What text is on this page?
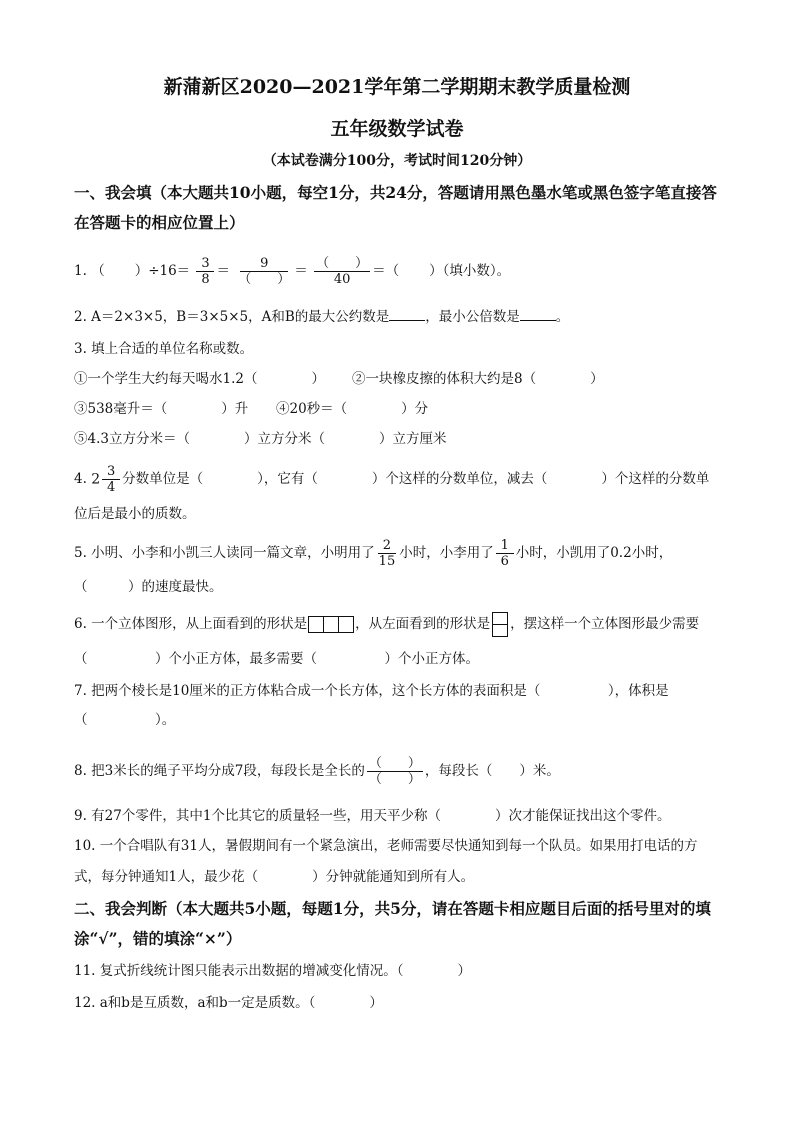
新蒲新区2020—2021学年第二学期期末教学质量检测
五年级数学试卷
（本试卷满分100分，考试时间120分钟）
一、我会填（本大题共10小题，每空1分，共24分，答题请用黑色墨水笔或黑色签字笔直接答在答题卡的相应位置上）
1. （ ）$\div 16= \frac{3}{8} = \frac{9}{( )} = \frac{( )}{40}$ ＝（ ）（填小数）。
2. A＝2×3×5，B＝3×5×5，A和B的最大公约数是	，最小公倍数是	。
3. 填上合适的单位名称或数。
①一个学生大约每天喝水1.2（　　　　） ②一块橡皮擦的体积大约是8（　　　　）
③538毫升＝（　　　　）升 ④20秒＝（　　　　）分
⑤4.3立方分米＝（　　　　）立方分米（　　　　）立方厘米
4. $2 \frac{3}{4}$ 分数单位是（　　　　），它有（　　　　）个这样的分数单位，减去（　　　　）个这样的分数单
位后是最小的质数。
5. 小明、小李和小凯三人读同一篇文章，小明用了 $\frac{2}{15}$ 小时，小李用了 $\frac{1}{6}$ 小时，小凯用了0.2小时，
（　　　）的速度最快。
6. 一个立体图形，从上面看到的形状是	，从左面看到的形状是 ，摆这样一个立体图形最少需要
（　　　　　）个小正方体，最多需要（　　　　　）个小正方体。
7. 把两个棱长是10厘米的正方体粘合成一个长方体，这个长方体的表面积是（　　　　　），体积是
（　　　　　）。
8. 把3米长的绳子平均分成7段，每段长是全长的 $\frac{( )}{( )}$ ，每段长（　　）米。
9. 有27个零件，其中1个比其它的质量轻一些，用天平少称（　　　　）次才能保证找出这个零件。
10. 一个合唱队有31人，暑假期间有一个紧急演出，老师需要尽快通知到每一个队员。如果用打电话的方
式，每分钟通知1人，最少花（　　　　）分钟就能通知到所有人。
二、我会判断（本大题共5小题，每题1分，共5分，请在答题卡相应题目后面的括号里对的填涂“√”，错的填涂“×”）
11. 复式折线统计图只能表示出数据的增减变化情况。（　　　　）
12. a和b是互质数，a和b一定是质数。（　　　　）
